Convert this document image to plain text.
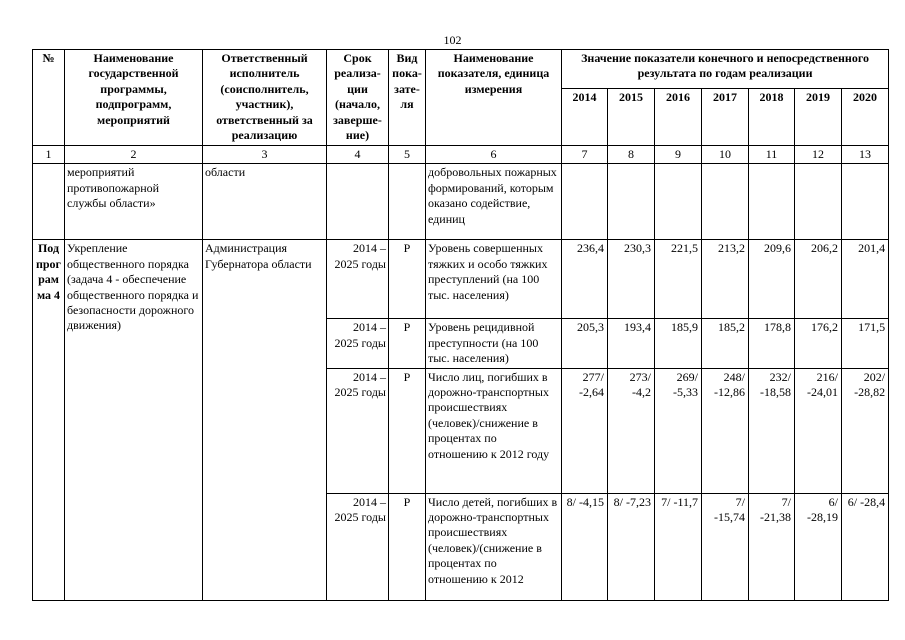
102
№	Наименование государственной программы, подпрограмм, мероприятий	Ответственный исполнитель (соисполнитель, участник), ответственный за реализацию	Срок реализа-ции (начало, заверше-ние)	Вид пока-зате-ля	Наименование показателя, единица измерения	Значение показатели конечного и непосредственного результата по годам реализации						
						2014	2015	2016	2017	2018	2019	2020
1	2	3	4	5	6	7	8	9	10	11	12	13
	мероприятий противопожарной службы области»	области			добровольных пожарных формирований, которым оказано содействие, единиц							
Под прог рам ма 4	Укрепление общественного порядка (задача 4 - обеспечение общественного порядка и безопасности дорожного движения)	Администрация Губернатора области	2014 – 2025 годы	Р	Уровень совершенных тяжких и особо тяжких преступлений (на 100 тыс. населения)	236,4	230,3	221,5	213,2	209,6	206,2	201,4
			2014 – 2025 годы	Р	Уровень рецидивной преступности (на 100 тыс. населения)	205,3	193,4	185,9	185,2	178,8	176,2	171,5
			2014 – 2025 годы	Р	Число лиц, погибших в дорожно-транспортных происшествиях (человек)/снижение в процентах по отношению к 2012 году	277/ -2,64	273/ -4,2	269/ -5,33	248/ -12,86	232/ -18,58	216/ -24,01	202/ -28,82
			2014 – 2025 годы	Р	Число детей, погибших в дорожно-транспортных происшествиях (человек)/(снижение в процентах по отношению к 2012	8/ -4,15	8/ -7,23	7/ -11,7	7/ -15,74	7/ -21,38	6/ -28,19	6/ -28,4
